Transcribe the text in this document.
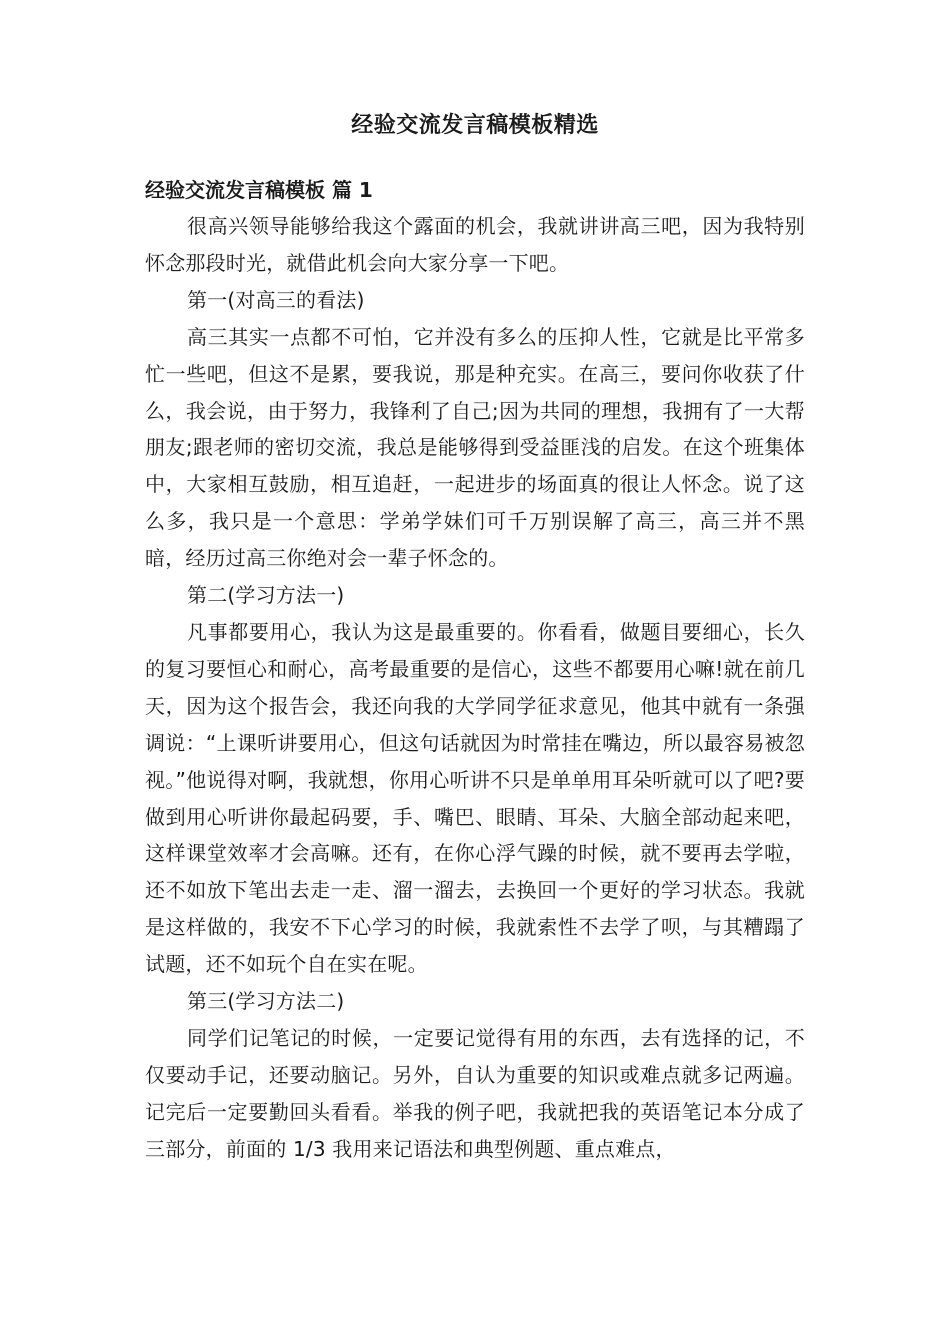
经验交流发言稿模板精选
经验交流发言稿模板 篇 1

很高兴领导能够给我这个露面的机会，我就讲讲高三吧，因为我特别怀念那段时光，就借此机会向大家分享一下吧。

第一(对高三的看法)

高三其实一点都不可怕，它并没有多么的压抑人性，它就是比平常多忙一些吧，但这不是累，要我说，那是种充实。在高三，要问你收获了什么，我会说，由于努力，我锋利了自己;因为共同的理想，我拥有了一大帮朋友;跟老师的密切交流，我总是能够得到受益匪浅的启发。在这个班集体中，大家相互鼓励，相互追赶，一起进步的场面真的很让人怀念。说了这么多，我只是一个意思：学弟学妹们可千万别误解了高三，高三并不黑暗，经历过高三你绝对会一辈子怀念的。

第二(学习方法一)

凡事都要用心，我认为这是最重要的。你看看，做题目要细心，长久的复习要恒心和耐心，高考最重要的是信心，这些不都要用心嘛!就在前几天，因为这个报告会，我还向我的大学同学征求意见，他其中就有一条强调说：“上课听讲要用心，但这句话就因为时常挂在嘴边，所以最容易被忽视。”他说得对啊，我就想，你用心听讲不只是单单用耳朵听就可以了吧?要做到用心听讲你最起码要，手、嘴巴、眼睛、耳朵、大脑全部动起来吧，这样课堂效率才会高嘛。还有，在你心浮气躁的时候，就不要再去学啦，还不如放下笔出去走一走、溜一溜去，去换回一个更好的学习状态。我就是这样做的，我安不下心学习的时候，我就索性不去学了呗，与其糟蹋了试题，还不如玩个自在实在呢。

第三(学习方法二)

同学们记笔记的时候，一定要记觉得有用的东西，去有选择的记，不仅要动手记，还要动脑记。另外，自认为重要的知识或难点就多记两遍。记完后一定要勤回头看看。举我的例子吧，我就把我的英语笔记本分成了三部分，前面的 1/3 我用来记语法和典型例题、重点难点，
